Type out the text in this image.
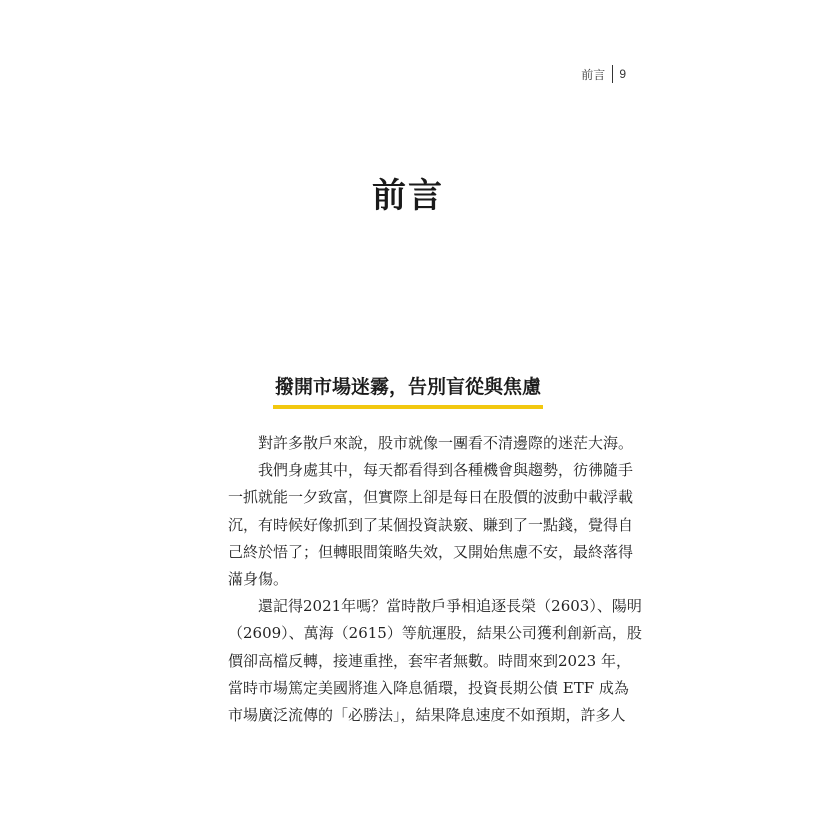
前言 9
前言
撥開市場迷霧，告別盲從與焦慮

對許多散戶來說，股市就像一團看不清邊際的迷茫大海。

我們身處其中，每天都看得到各種機會與趨勢，彷彿隨手
一抓就能一夕致富，但實際上卻是每日在股價的波動中載浮載
沉，有時候好像抓到了某個投資訣竅、賺到了一點錢，覺得自
己終於悟了；但轉眼間策略失效，又開始焦慮不安，最終落得
滿身傷。

還記得2021年嗎？當時散戶爭相追逐長榮（2603）、陽明
（2609）、萬海（2615）等航運股，結果公司獲利創新高，股
價卻高檔反轉，接連重挫，套牢者無數。時間來到2023 年，
當時市場篤定美國將進入降息循環，投資長期公債 ETF 成為
市場廣泛流傳的「必勝法」，結果降息速度不如預期，許多人
